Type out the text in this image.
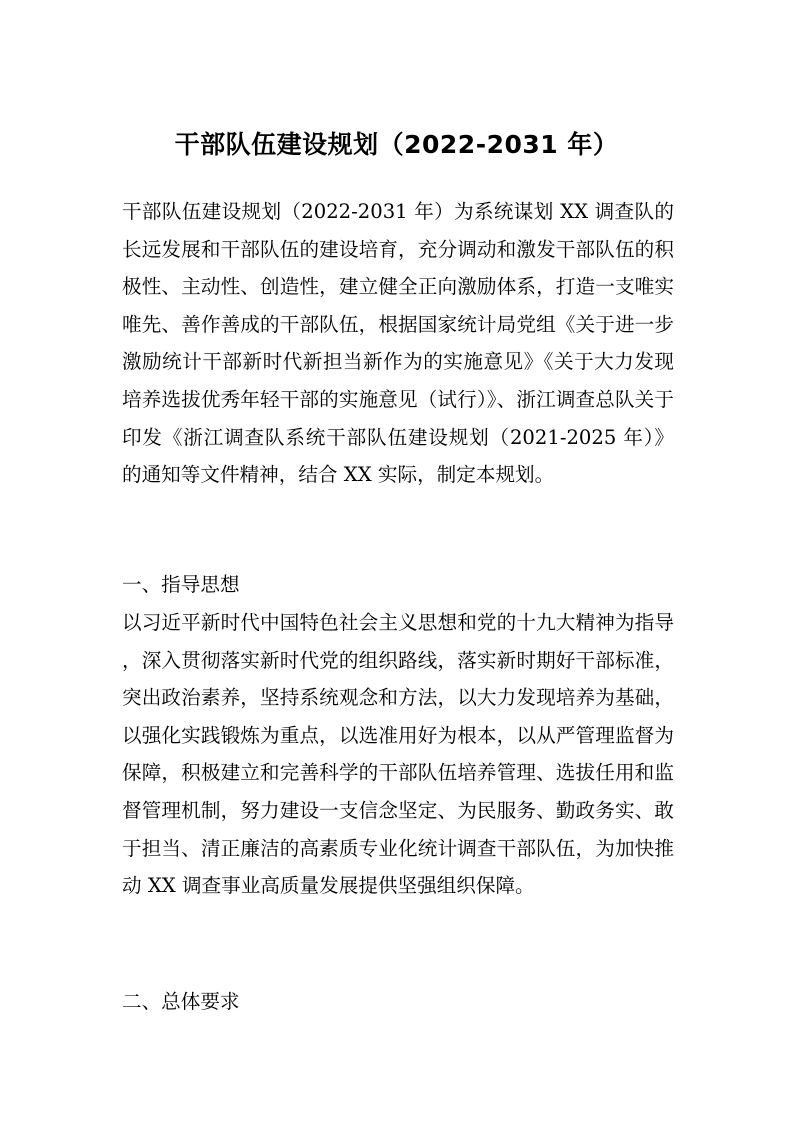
干部队伍建设规划（2022-2031 年）
干部队伍建设规划（2022-2031 年）为系统谋划 XX 调查队的长远发展和干部队伍的建设培育，充分调动和激发干部队伍的积极性、主动性、创造性，建立健全正向激励体系，打造一支唯实唯先、善作善成的干部队伍，根据国家统计局党组《关于进一步激励统计干部新时代新担当新作为的实施意见》《关于大力发现培养选拔优秀年轻干部的实施意见（试行）》、浙江调查总队关于印发《浙江调查队系统干部队伍建设规划（2021-2025 年）》的通知等文件精神，结合 XX 实际，制定本规划。
一、指导思想
以习近平新时代中国特色社会主义思想和党的十九大精神为指导，深入贯彻落实新时代党的组织路线，落实新时期好干部标准，突出政治素养，坚持系统观念和方法，以大力发现培养为基础，以强化实践锻炼为重点，以选准用好为根本，以从严管理监督为保障，积极建立和完善科学的干部队伍培养管理、选拔任用和监督管理机制，努力建设一支信念坚定、为民服务、勤政务实、敢于担当、清正廉洁的高素质专业化统计调查干部队伍，为加快推动 XX 调查事业高质量发展提供坚强组织保障。
二、总体要求
